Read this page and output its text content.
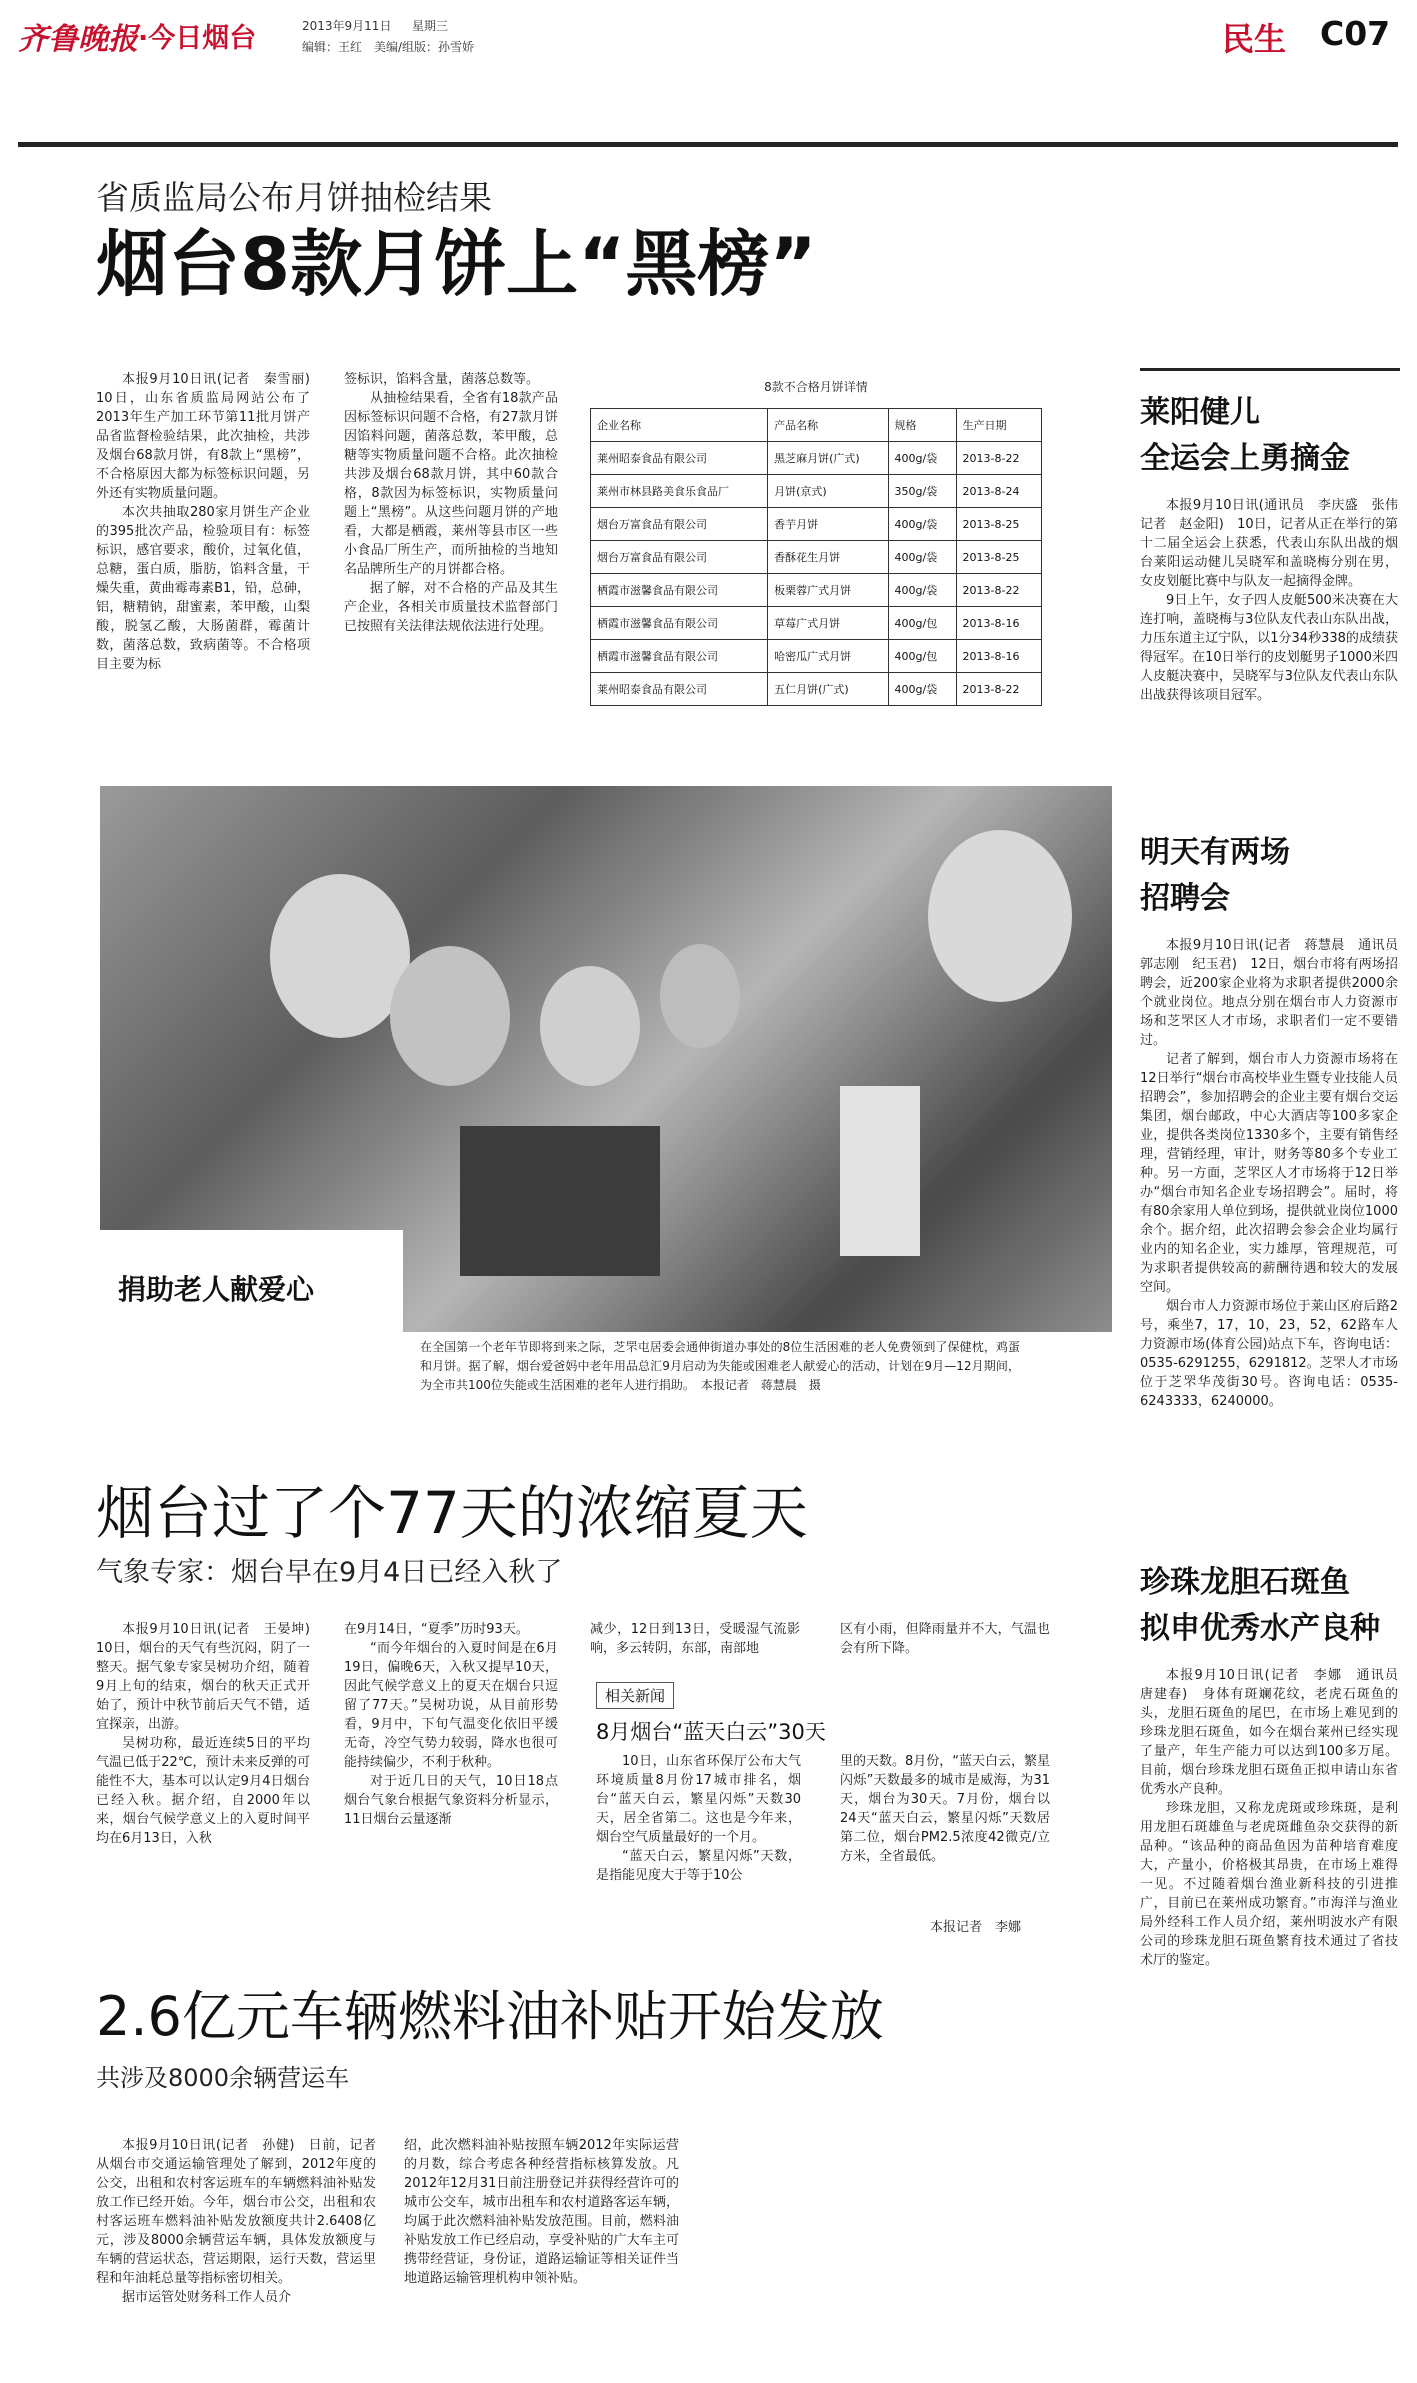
齐鲁晚报 ·今日烟台	2013年9月11日 星期三
编辑：王红　美编/组版：孙雪娇	民生 C07
省质监局公布月饼抽检结果
烟台8款月饼上“黑榜”

本报9月10日讯(记者　秦雪丽)　10日，山东省质监局网站公布了2013年生产加工环节第11批月饼产品省监督检验结果，此次抽检，共涉及烟台68款月饼，有8款上“黑榜”，不合格原因大都为标签标识问题，另外还有实物质量问题。

本次共抽取280家月饼生产企业的395批次产品，检验项目有：标签标识，感官要求，酸价，过氧化值，总糖，蛋白质，脂肪，馅料含量，干燥失重，黄曲霉毒素B1，铅，总砷，铝，糖精钠，甜蜜素，苯甲酸，山梨酸，脱氢乙酸，大肠菌群，霉菌计数，菌落总数，致病菌等。不合格项目主要为标

签标识，馅料含量，菌落总数等。

从抽检结果看，全省有18款产品因标签标识问题不合格，有27款月饼因馅料问题，菌落总数，苯甲酸，总糖等实物质量问题不合格。此次抽检共涉及烟台68款月饼，其中60款合格，8款因为标签标识，实物质量问题上“黑榜”。从这些问题月饼的产地看，大都是栖霞，莱州等县市区一些小食品厂所生产，而所抽检的当地知名品牌所生产的月饼都合格。

据了解，对不合格的产品及其生产企业，各相关市质量技术监督部门已按照有关法律法规依法进行处理。

8款不合格月饼详情
企业名称	产品名称	规格	生产日期
莱州昭泰食品有限公司	黑芝麻月饼(广式)	400g/袋	2013-8-22
莱州市林县路美食乐食品厂	月饼(京式)	350g/袋	2013-8-24
烟台万富食品有限公司	香芋月饼	400g/袋	2013-8-25
烟台万富食品有限公司	香酥花生月饼	400g/袋	2013-8-25
栖霞市滋馨食品有限公司	板栗蓉广式月饼	400g/袋	2013-8-22
栖霞市滋馨食品有限公司	草莓广式月饼	400g/包	2013-8-16
栖霞市滋馨食品有限公司	哈密瓜广式月饼	400g/包	2013-8-16
莱州昭泰食品有限公司	五仁月饼(广式)	400g/袋	2013-8-22
捐助老人献爱心
在全国第一个老年节即将到来之际，芝罘屯居委会通伸街道办事处的8位生活困难的老人免费领到了保健枕，鸡蛋和月饼。据了解，烟台爱爸妈中老年用品总汇9月启动为失能或困难老人献爱心的活动，计划在9月—12月期间，为全市共100位失能或生活困难的老年人进行捐助。　本报记者　蒋慧晨　摄
烟台过了个77天的浓缩夏天
气象专家：烟台早在9月4日已经入秋了

本报9月10日讯(记者　王晏坤)　10日，烟台的天气有些沉闷，阴了一整天。据气象专家吴树功介绍，随着9月上旬的结束，烟台的秋天正式开始了，预计中秋节前后天气不错，适宜探亲，出游。

吴树功称，最近连续5日的平均气温已低于22℃，预计未来反弹的可能性不大，基本可以认定9月4日烟台已经入秋。据介绍，自2000年以来，烟台气候学意义上的入夏时间平均在6月13日，入秋

在9月14日，“夏季”历时93天。

“而今年烟台的入夏时间是在6月19日，偏晚6天，入秋又提早10天，因此气候学意义上的夏天在烟台只逗留了77天。”吴树功说，从目前形势看，9月中，下旬气温变化依旧平缓无奇，冷空气势力较弱，降水也很可能持续偏少，不利于秋种。

对于近几日的天气，10日18点烟台气象台根据气象资料分析显示，11日烟台云量逐渐

减少，12日到13日，受暖湿气流影响，多云转阴，东部，南部地

区有小雨，但降雨量并不大，气温也会有所下降。

相关新闻
8月烟台“蓝天白云”30天

10日，山东省环保厅公布大气环境质量8月份17城市排名，烟台“蓝天白云，繁星闪烁”天数30天，居全省第二。这也是今年来，烟台空气质量最好的一个月。

“蓝天白云，繁星闪烁”天数，是指能见度大于等于10公

里的天数。8月份，“蓝天白云，繁星闪烁”天数最多的城市是威海，为31天，烟台为30天。7月份，烟台以24天“蓝天白云，繁星闪烁”天数居第二位，烟台PM2.5浓度42微克/立方米，全省最低。

本报记者　李娜
2.6亿元车辆燃料油补贴开始发放
共涉及8000余辆营运车

本报9月10日讯(记者　孙健)　日前，记者从烟台市交通运输管理处了解到，2012年度的公交，出租和农村客运班车的车辆燃料油补贴发放工作已经开始。今年，烟台市公交，出租和农村客运班车燃料油补贴发放额度共计2.6408亿元，涉及8000余辆营运车辆，具体发放额度与车辆的营运状态，营运期限，运行天数，营运里程和年油耗总量等指标密切相关。

据市运管处财务科工作人员介

绍，此次燃料油补贴按照车辆2012年实际运营的月数，综合考虑各种经营指标核算发放。凡2012年12月31日前注册登记并获得经营许可的城市公交车，城市出租车和农村道路客运车辆，均属于此次燃料油补贴发放范围。目前，燃料油补贴发放工作已经启动，享受补贴的广大车主可携带经营证，身份证，道路运输证等相关证件当地道路运输管理机构申领补贴。

莱阳健儿
全运会上勇摘金

本报9月10日讯(通讯员　李庆盛　张伟　记者　赵金阳)　10日，记者从正在举行的第十二届全运会上获悉，代表山东队出战的烟台莱阳运动健儿吴晓军和盖晓梅分别在男，女皮划艇比赛中与队友一起摘得金牌。

9日上午，女子四人皮艇500米决赛在大连打响，盖晓梅与3位队友代表山东队出战，力压东道主辽宁队，以1分34秒338的成绩获得冠军。在10日举行的皮划艇男子1000米四人皮艇决赛中，吴晓军与3位队友代表山东队出战获得该项目冠军。

明天有两场
招聘会

本报9月10日讯(记者　蒋慧晨　通讯员　郭志刚　纪玉君)　12日，烟台市将有两场招聘会，近200家企业将为求职者提供2000余个就业岗位。地点分别在烟台市人力资源市场和芝罘区人才市场，求职者们一定不要错过。

记者了解到，烟台市人力资源市场将在12日举行“烟台市高校毕业生暨专业技能人员招聘会”，参加招聘会的企业主要有烟台交运集团，烟台邮政，中心大酒店等100多家企业，提供各类岗位1330多个，主要有销售经理，营销经理，审计，财务等80多个专业工种。另一方面，芝罘区人才市场将于12日举办“烟台市知名企业专场招聘会”。届时，将有80余家用人单位到场，提供就业岗位1000余个。据介绍，此次招聘会参会企业均属行业内的知名企业，实力雄厚，管理规范，可为求职者提供较高的薪酬待遇和较大的发展空间。

烟台市人力资源市场位于莱山区府后路2号，乘坐7，17，10，23，52，62路车人力资源市场(体育公园)站点下车，咨询电话：0535-6291255，6291812。芝罘人才市场位于芝罘华茂街30号。咨询电话：0535-6243333，6240000。

珍珠龙胆石斑鱼
拟申优秀水产良种

本报9月10日讯(记者　李娜　通讯员　唐建春)　身体有斑斓花纹，老虎石斑鱼的头，龙胆石斑鱼的尾巴，在市场上难见到的珍珠龙胆石斑鱼，如今在烟台莱州已经实现了量产，年生产能力可以达到100多万尾。目前，烟台珍珠龙胆石斑鱼正拟申请山东省优秀水产良种。

珍珠龙胆，又称龙虎斑或珍珠斑，是利用龙胆石斑雄鱼与老虎斑雌鱼杂交获得的新品种。“该品种的商品鱼因为苗种培育难度大，产量小，价格极其昂贵，在市场上难得一见。不过随着烟台渔业新科技的引进推广，目前已在莱州成功繁育。”市海洋与渔业局外经科工作人员介绍，莱州明波水产有限公司的珍珠龙胆石斑鱼繁育技术通过了省技术厅的鉴定。
